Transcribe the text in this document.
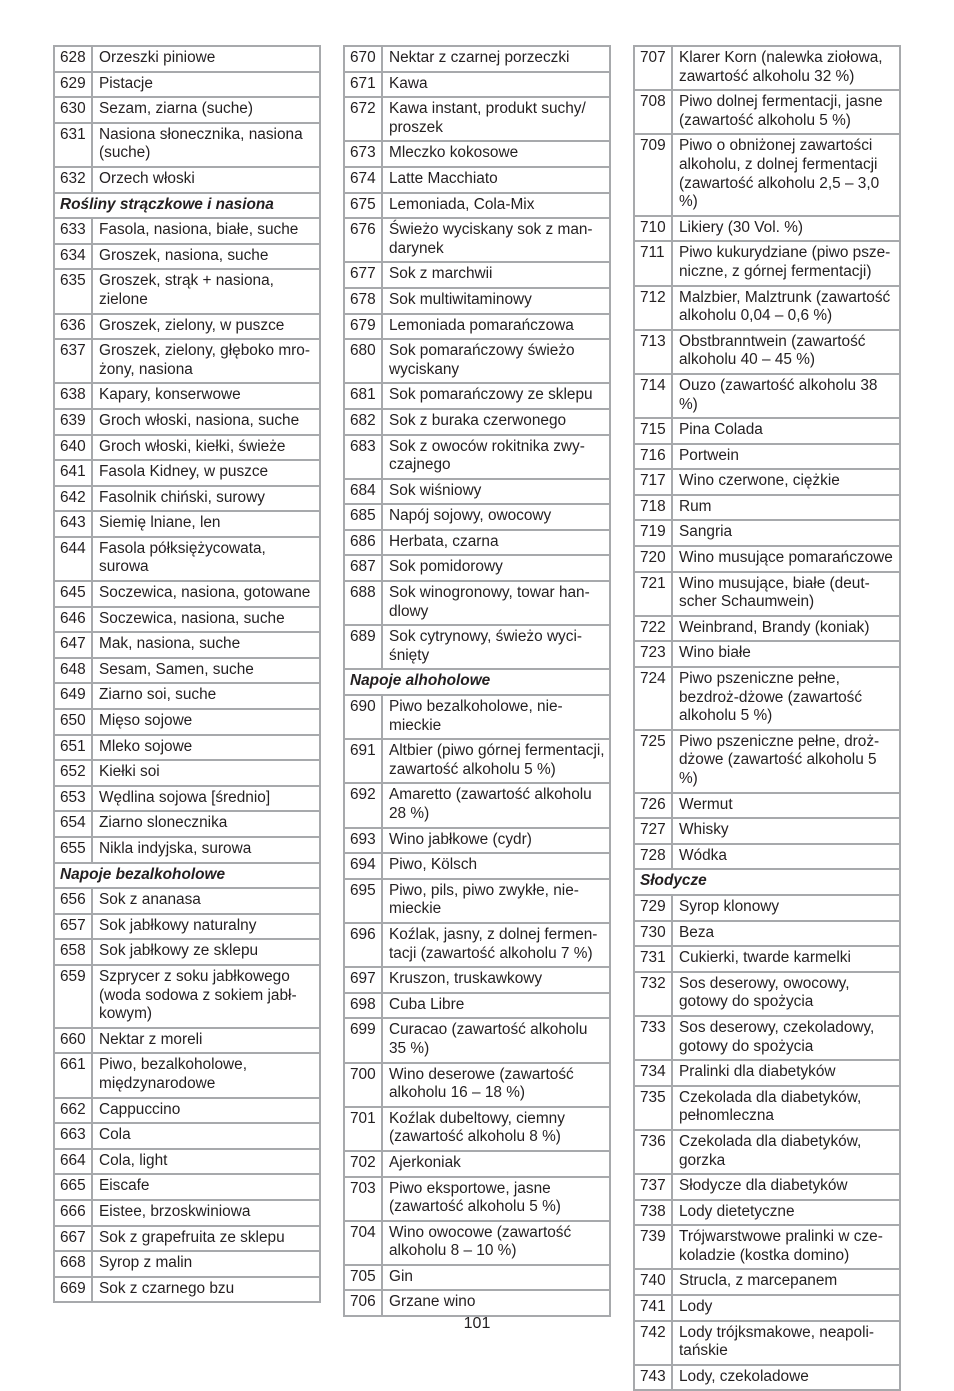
628 Orzeszki piniowe
629 Pistacje
630 Sezam, ziarna (suche)
631 Nasiona słonecznika, nasiona (suche)
632 Orzech włoski
Rośliny strączkowe i nasiona
633 Fasola, nasiona, białe, suche
634 Groszek, nasiona, suche
635 Groszek, strąk + nasiona, zielone
636 Groszek, zielony, w puszce
637 Groszek, zielony, głęboko mro-żony, nasiona
638 Kapary, konserwowe
639 Groch włoski, nasiona, suche
640 Groch włoski, kiełki, świeże
641 Fasola Kidney, w puszce
642 Fasolnik chiński, surowy
643 Siemię lniane, len
644 Fasola półksiężycowata, surowa
645 Soczewica, nasiona, gotowane
646 Soczewica, nasiona, suche
647 Mak, nasiona, suche
648 Sesam, Samen, suche
649 Ziarno soi, suche
650 Mięso sojowe
651 Mleko sojowe
652 Kiełki soi
653 Wędlina sojowa [średnio]
654 Ziarno slonecznika
655 Nikla indyjska, surowa
Napoje bezalkoholowe
656 Sok z ananasa
657 Sok jabłkowy naturalny
658 Sok jabłkowy ze sklepu
659 Szprycer z soku jabłkowego (woda sodowa z sokiem jabł-kowym)
660 Nektar z moreli
661 Piwo, bezalkoholowe, międzynarodowe
662 Cappuccino
663 Cola
664 Cola, light
665 Eiscafe
666 Eistee, brzoskwiniowa
667 Sok z grapefruita ze sklepu
668 Syrop z malin
669 Sok z czarnego bzu
670 Nektar z czarnej porzeczki
671 Kawa
672 Kawa instant, produkt suchy/ proszek
673 Mleczko kokosowe
674 Latte Macchiato
675 Lemoniada, Cola-Mix
676 Świeżo wyciskany sok z man-darynek
677 Sok z marchwii
678 Sok multiwitaminowy
679 Lemoniada pomarańczowa
680 Sok pomarańczowy świeżo wyciskany
681 Sok pomarańczowy ze sklepu
682 Sok z buraka czerwonego
683 Sok z owoców rokitnika zwy-czajnego
684 Sok wiśniowy
685 Napój sojowy, owocowy
686 Herbata, czarna
687 Sok pomidorowy
688 Sok winogronowy, towar han-dlowy
689 Sok cytrynowy, świeżo wyci-śnięty
Napoje alhoholowe
690 Piwo bezalkoholowe, nie-mieckie
691 Altbier (piwo górnej fermentacji, zawartość alkoholu 5 %)
692 Amaretto (zawartość alkoholu 28 %)
693 Wino jabłkowe (cydr)
694 Piwo, Kölsch
695 Piwo, pils, piwo zwykłe, nie-mieckie
696 Koźlak, jasny, z dolnej fermen-tacji (zawartość alkoholu 7 %)
697 Kruszon, truskawkowy
698 Cuba Libre
699 Curacao (zawartość alkoholu 35 %)
700 Wino deserowe (zawartość alkoholu 16 – 18 %)
701 Koźlak dubeltowy, ciemny (zawartość alkoholu 8 %)
702 Ajerkoniak
703 Piwo eksportowe, jasne (zawartość alkoholu 5 %)
704 Wino owocowe (zawartość alkoholu 8 – 10 %)
705 Gin
706 Grzane wino
707 Klarer Korn (nalewka ziołowa, zawartość alkoholu 32 %)
708 Piwo dolnej fermentacji, jasne (zawartość alkoholu 5 %)
709 Piwo o obniżonej zawartości alkoholu, z dolnej fermentacji (zawartość alkoholu 2,5 – 3,0 %)
710 Likiery (30 Vol. %)
711 Piwo kukurydziane (piwo psze-niczne, z górnej fermentacji)
712 Malzbier, Malztrunk (zawartość alkoholu 0,04 – 0,6 %)
713 Obstbranntwein (zawartość alkoholu 40 – 45 %)
714 Ouzo (zawartość alkoholu 38 %)
715 Pina Colada
716 Portwein
717 Wino czerwone, ciężkie
718 Rum
719 Sangria
720 Wino musujące pomarańczowe
721 Wino musujące, białe (deut-scher Schaumwein)
722 Weinbrand, Brandy (koniak)
723 Wino białe
724 Piwo pszeniczne pełne, bezdroż-dżowe (zawartość alkoholu 5 %)
725 Piwo pszeniczne pełne, droż-dżowe (zawartość alkoholu 5 %)
726 Wermut
727 Whisky
728 Wódka
Słodycze
729 Syrop klonowy
730 Beza
731 Cukierki, twarde karmelki
732 Sos deserowy, owocowy, gotowy do spożycia
733 Sos deserowy, czekoladowy, gotowy do spożycia
734 Pralinki dla diabetyków
735 Czekolada dla diabetyków, pełnomleczna
736 Czekolada dla diabetyków, gorzka
737 Słodycze dla diabetyków
738 Lody dietetyczne
739 Trójwarstwowe pralinki w cze-koladzie (kostka domino)
740 Strucla, z marcepanem
741 Lody
742 Lody trójksmakowe, neapoli-tańskie
743 Lody, czekoladowe
101
